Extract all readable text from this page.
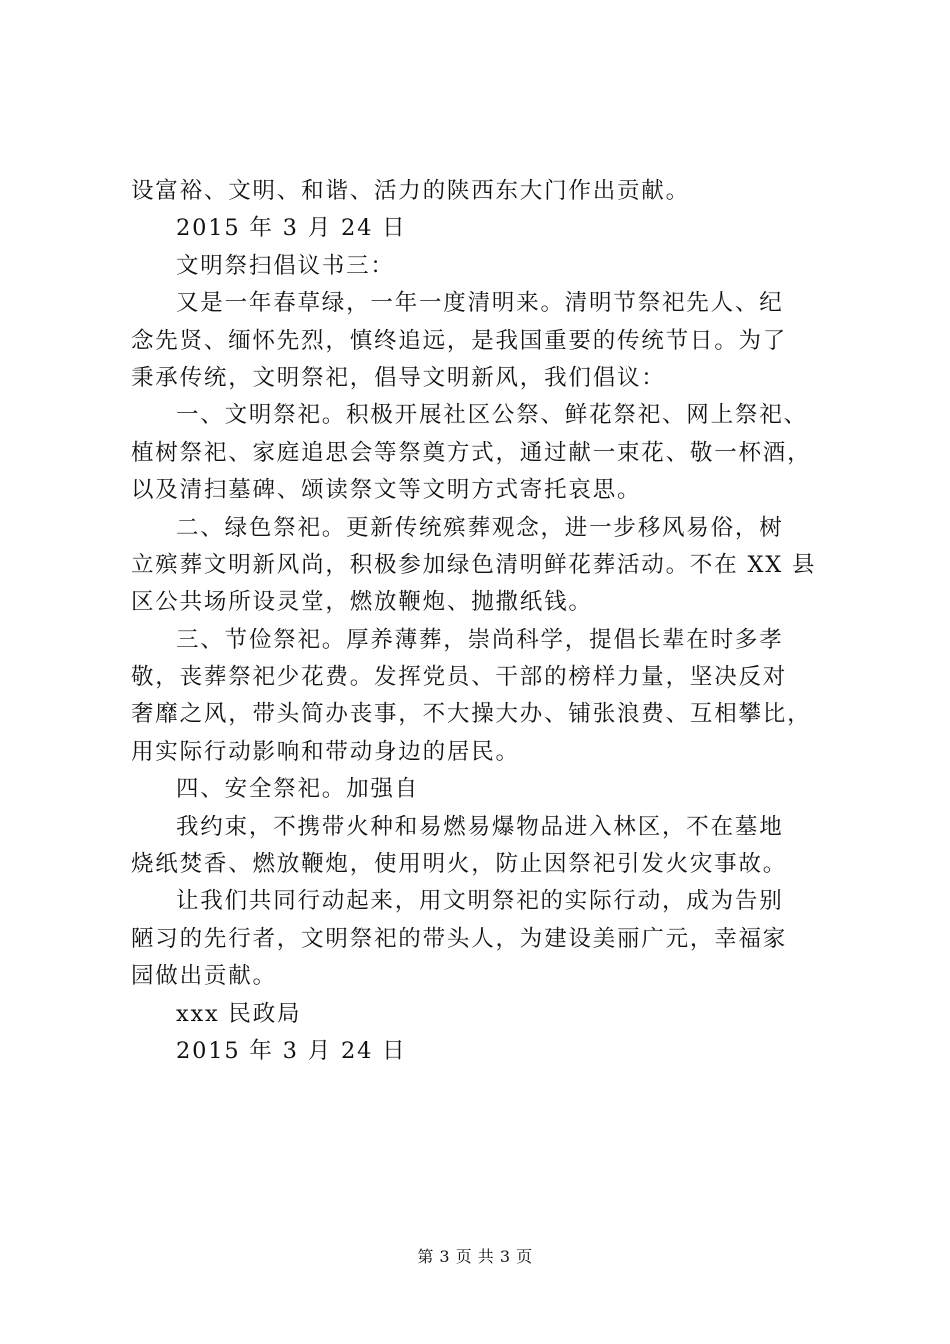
设富裕、文明、和谐、活力的陕西东大门作出贡献。
2015 年 3 月 24 日
文明祭扫倡议书三：
又是一年春草绿，一年一度清明来。清明节祭祀先人、纪
念先贤、缅怀先烈，慎终追远，是我国重要的传统节日。为了
秉承传统，文明祭祀，倡导文明新风，我们倡议：
一、文明祭祀。积极开展社区公祭、鲜花祭祀、网上祭祀、
植树祭祀、家庭追思会等祭奠方式，通过献一束花、敬一杯酒，
以及清扫墓碑、颂读祭文等文明方式寄托哀思。
二、绿色祭祀。更新传统殡葬观念，进一步移风易俗，树
立殡葬文明新风尚，积极参加绿色清明鲜花葬活动。不在 XX 县
区公共场所设灵堂，燃放鞭炮、抛撒纸钱。
三、节俭祭祀。厚养薄葬，崇尚科学，提倡长辈在时多孝
敬，丧葬祭祀少花费。发挥党员、干部的榜样力量，坚决反对
奢靡之风，带头简办丧事，不大操大办、铺张浪费、互相攀比，
用实际行动影响和带动身边的居民。
四、安全祭祀。加强自
我约束，不携带火种和易燃易爆物品进入林区，不在墓地
烧纸焚香、燃放鞭炮，使用明火，防止因祭祀引发火灾事故。
让我们共同行动起来，用文明祭祀的实际行动，成为告别
陋习的先行者，文明祭祀的带头人，为建设美丽广元，幸福家
园做出贡献。
xxx 民政局
2015 年 3 月 24 日
第 3 页 共 3 页
